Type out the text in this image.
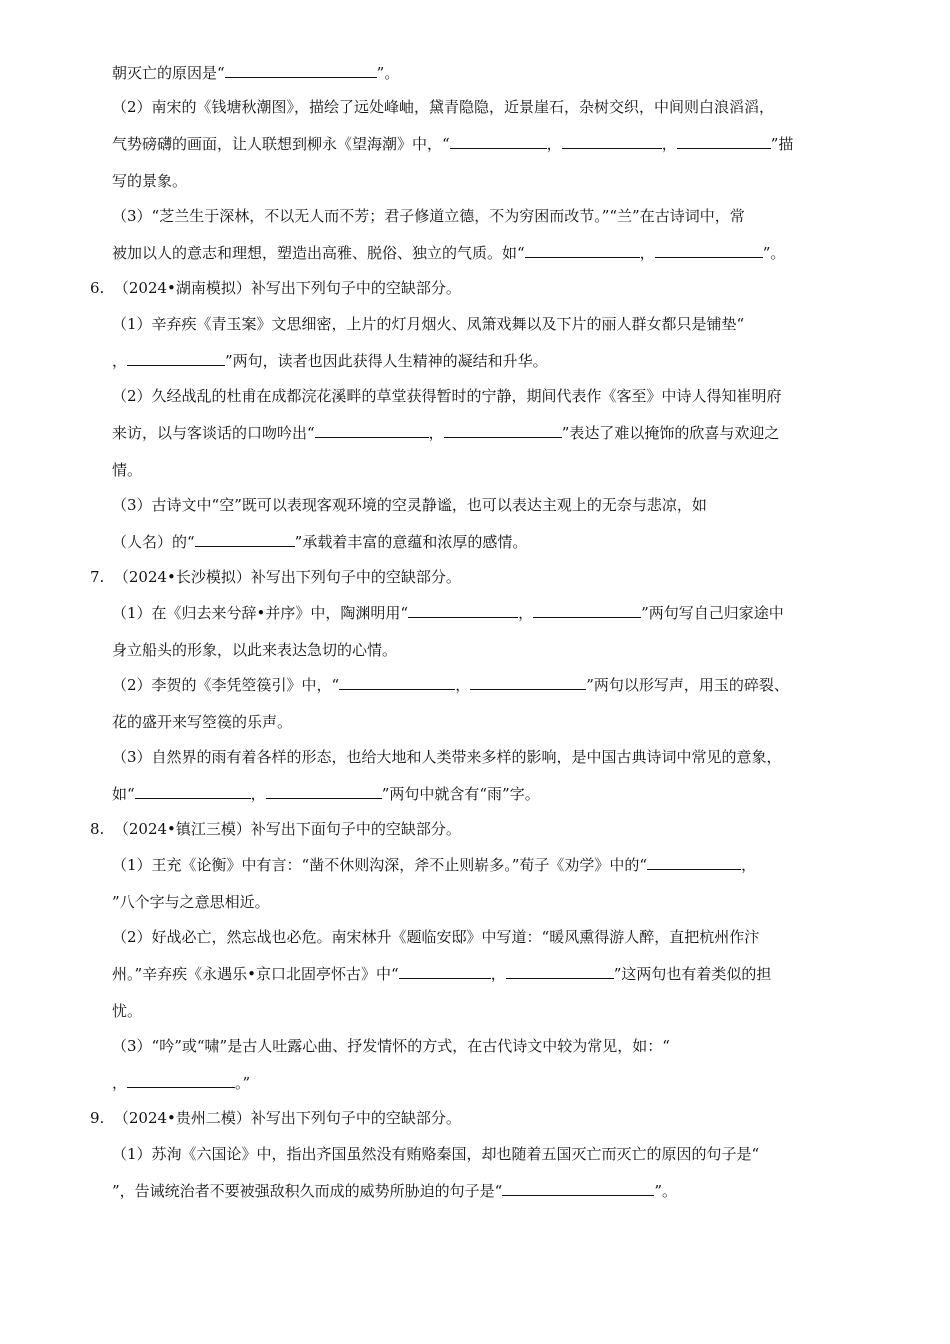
朝灭亡的原因是“	”。
（2）南宋的《钱塘秋潮图》，描绘了远处峰岫，黛青隐隐，近景崖石，杂树交织，中间则白浪滔滔，
气势磅礴的画面，让人联想到柳永《望海潮》中，“	，	，	”描
写的景象。
（3）“芝兰生于深林，不以无人而不芳；君子修道立德，不为穷困而改节。”“兰”在古诗词中，常
被加以人的意志和理想，塑造出高雅、脱俗、独立的气质。如“	，	”。
6. （2024•湖南模拟）补写出下列句子中的空缺部分。
（1）辛弃疾《青玉案》文思细密，上片的灯月烟火、凤箫戏舞以及下片的丽人群女都只是铺垫“
，	”两句，读者也因此获得人生精神的凝结和升华。
（2）久经战乱的杜甫在成都浣花溪畔的草堂获得暂时的宁静，期间代表作《客至》中诗人得知崔明府
来访，以与客谈话的口吻吟出“	，	”表达了难以掩饰的欣喜与欢迎之
情。
（3）古诗文中“空”既可以表现客观环境的空灵静谧，也可以表达主观上的无奈与悲凉，如
（人名）的“	”承载着丰富的意蕴和浓厚的感情。
7. （2024•长沙模拟）补写出下列句子中的空缺部分。
（1）在《归去来兮辞•并序》中，陶渊明用“	，	”两句写自己归家途中
身立船头的形象，以此来表达急切的心情。
（2）李贺的《李凭箜篌引》中，“	，	”两句以形写声，用玉的碎裂、
花的盛开来写箜篌的乐声。
（3）自然界的雨有着各样的形态，也给大地和人类带来多样的影响，是中国古典诗词中常见的意象，
如“	，	”两句中就含有“雨”字。
8. （2024•镇江三模）补写出下面句子中的空缺部分。
（1）王充《论衡》中有言：“凿不休则沟深，斧不止则崭多。”荀子《劝学》中的“	，
”八个字与之意思相近。
（2）好战必亡，然忘战也必危。南宋林升《题临安邸》中写道：“暖风熏得游人醉，直把杭州作汴
州。”辛弃疾《永遇乐•京口北固亭怀古》中“	，	”这两句也有着类似的担
忧。
（3）“吟”或“啸”是古人吐露心曲、抒发情怀的方式，在古代诗文中较为常见，如：“
，	。”
9. （2024•贵州二模）补写出下列句子中的空缺部分。
（1）苏洵《六国论》中，指出齐国虽然没有贿赂秦国，却也随着五国灭亡而灭亡的原因的句子是“
”，告诫统治者不要被强敌积久而成的威势所胁迫的句子是“	”。
